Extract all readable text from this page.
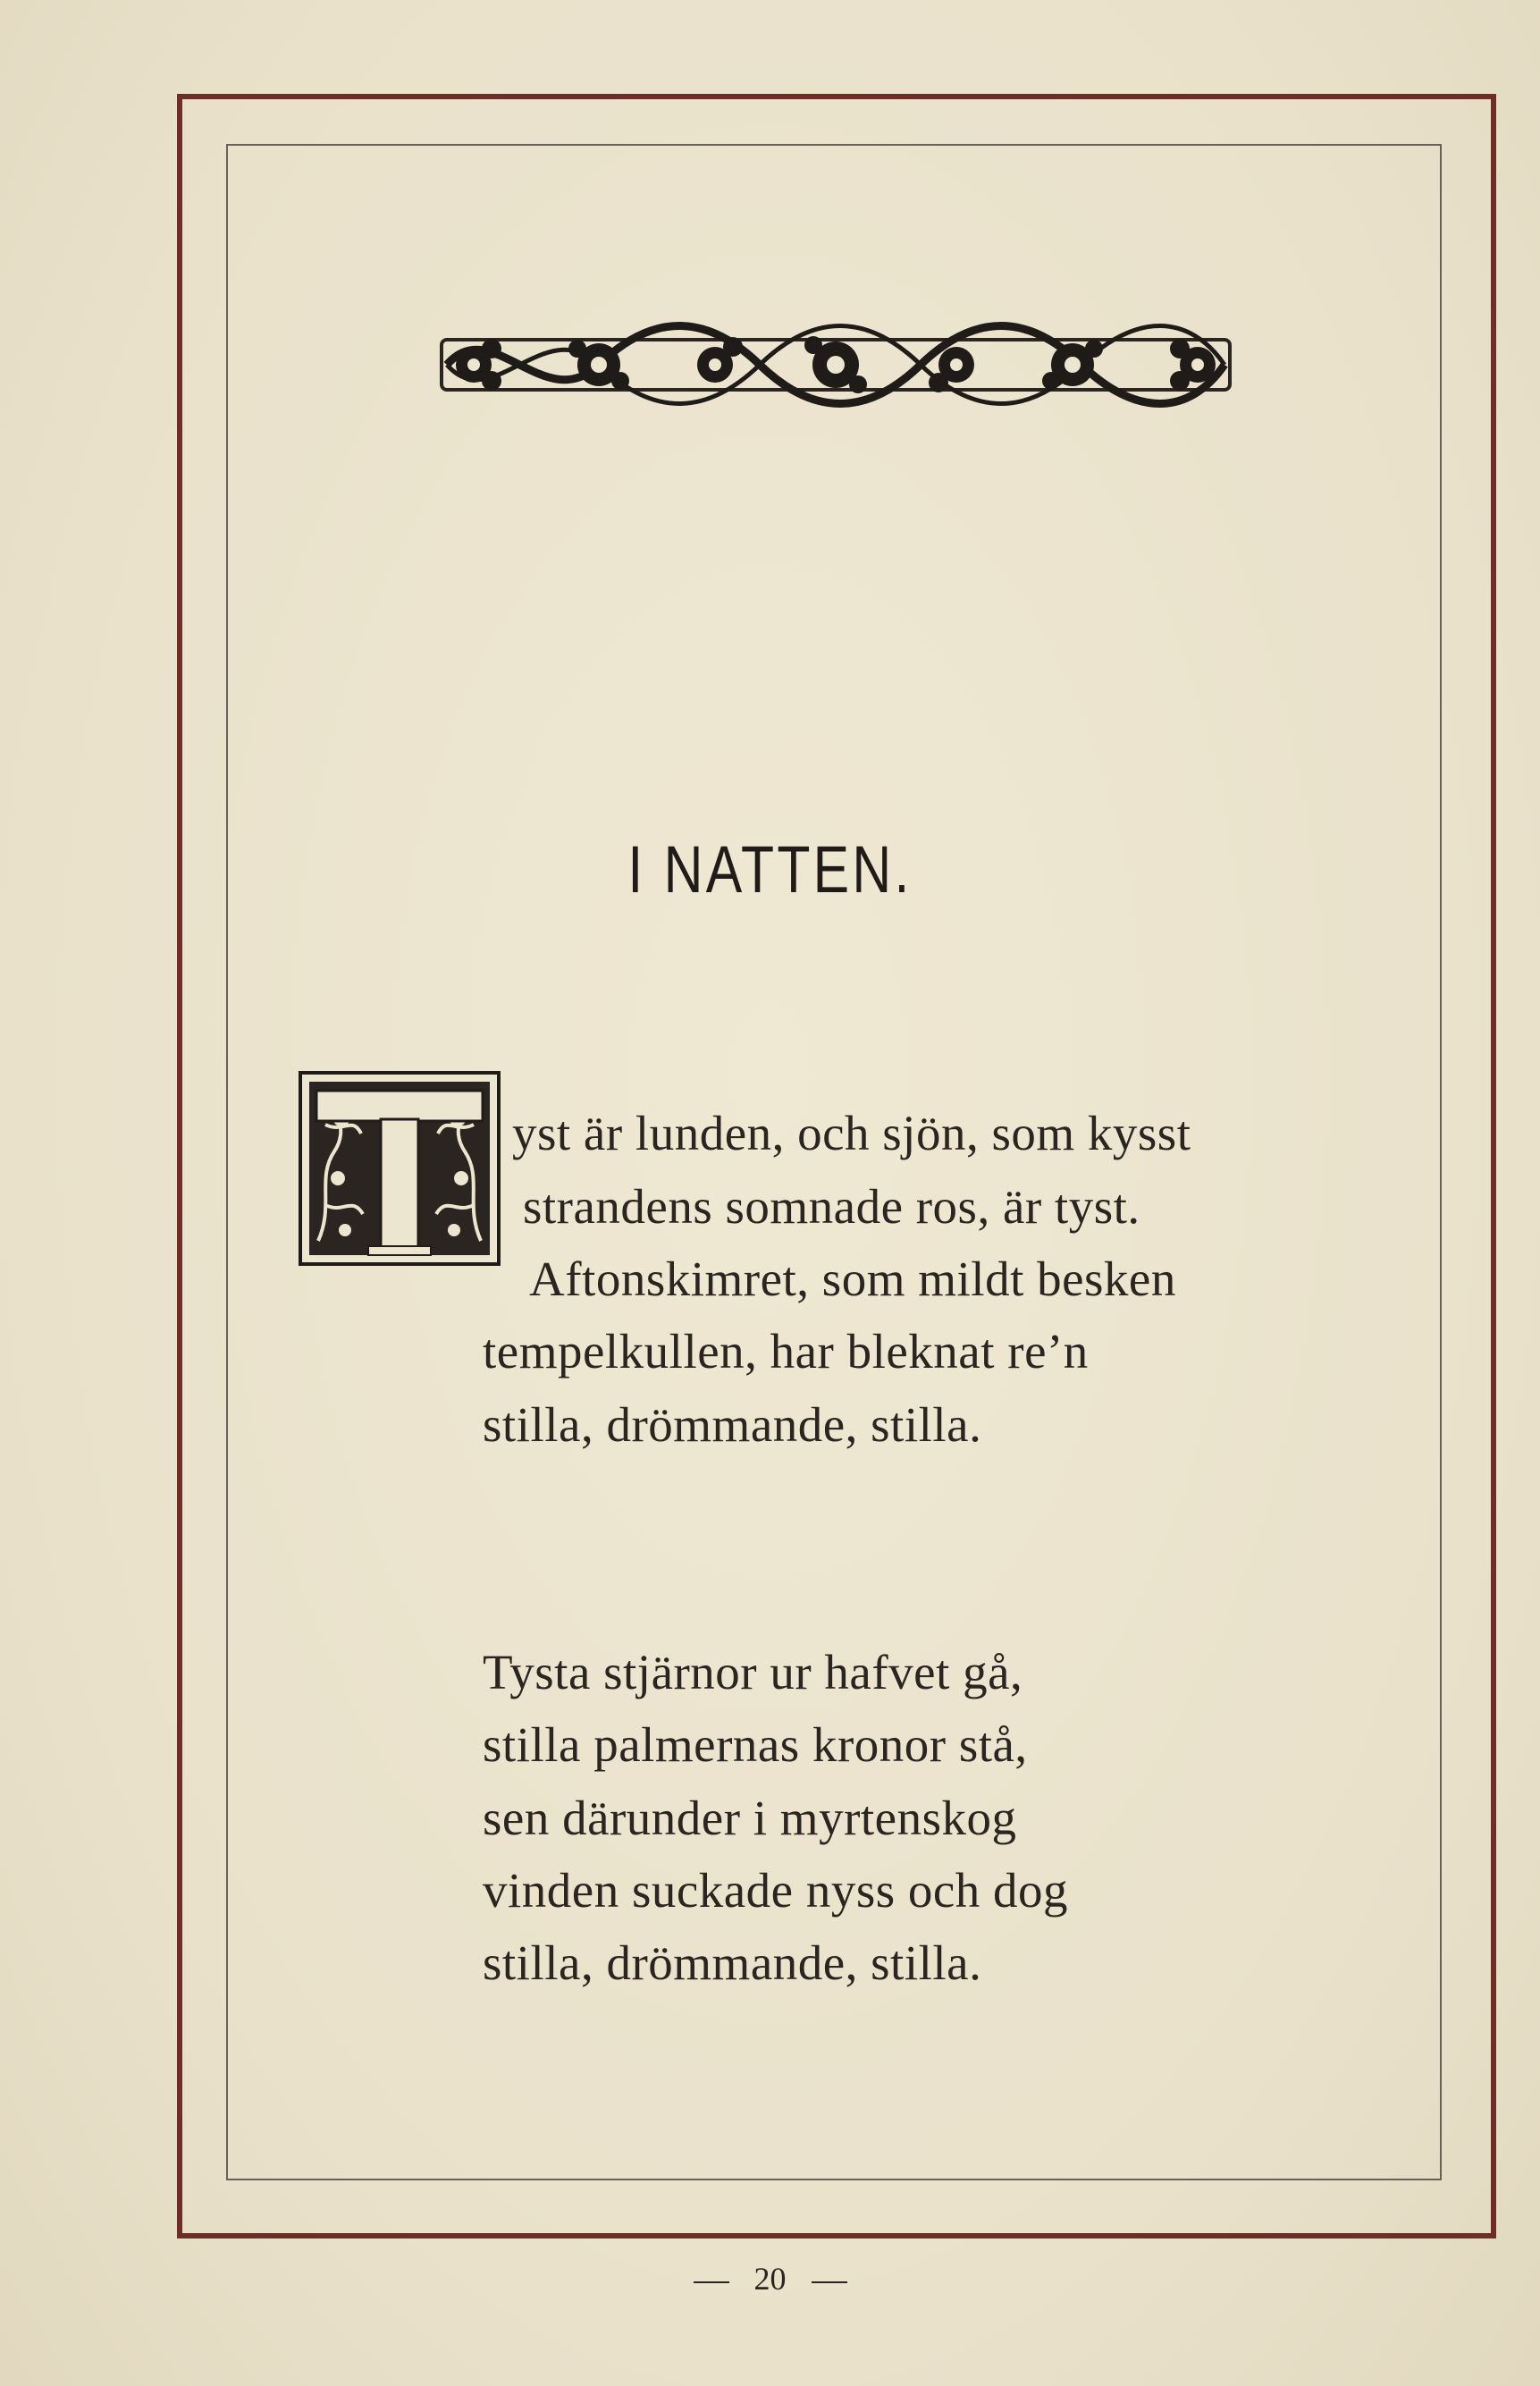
I NATTEN.
yst är lunden, och sjön, som kysst
strandens somnade ros, är tyst.
Aftonskimret, som mildt besken
tempelkullen, har bleknat re’n
stilla, drömmande, stilla.
Tysta stjärnor ur hafvet gå,
stilla palmernas kronor stå,
sen därunder i myrtenskog
vinden suckade nyss och dog
stilla, drömmande, stilla.
20
